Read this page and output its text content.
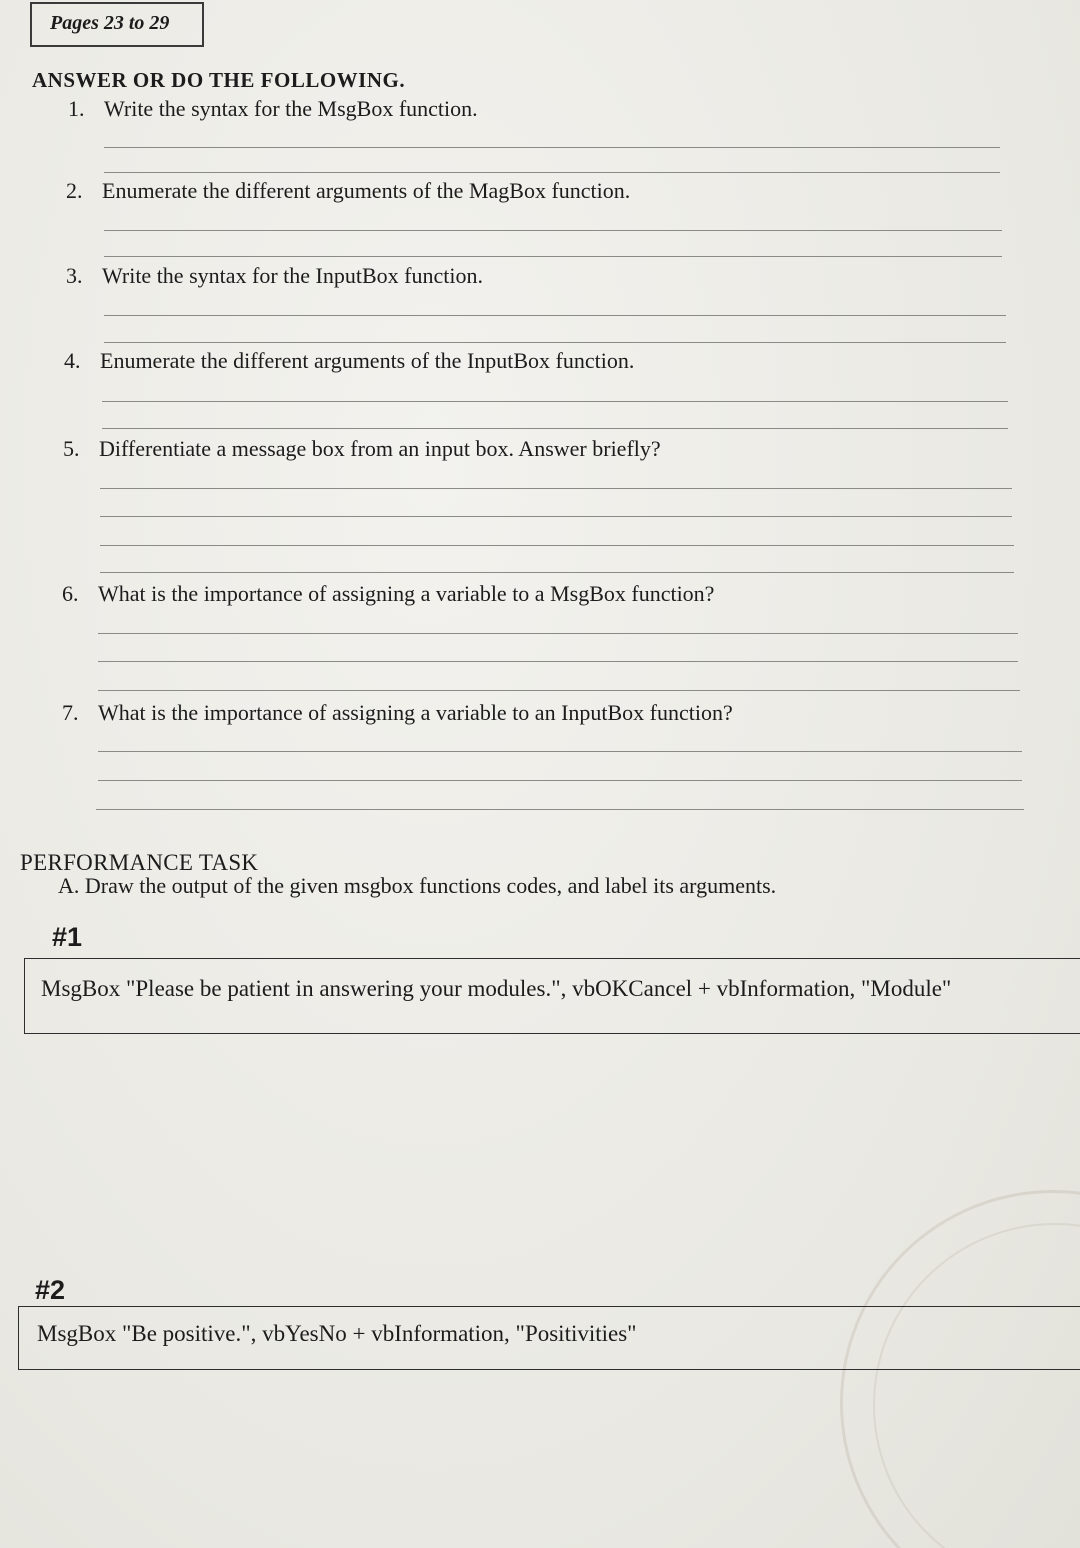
Pages 23 to 29
ANSWER OR DO THE FOLLOWING.
1. Write the syntax for the MsgBox function.
2. Enumerate the different arguments of the MagBox function.
3. Write the syntax for the InputBox function.
4. Enumerate the different arguments of the InputBox function.
5. Differentiate a message box from an input box. Answer briefly?
6. What is the importance of assigning a variable to a MsgBox function?
7. What is the importance of assigning a variable to an InputBox function?
PERFORMANCE TASK
A. Draw the output of the given msgbox functions codes, and label its arguments.
#1
MsgBox "Please be patient in answering your modules.", vbOKCancel + vbInformation, "Module"
#2
MsgBox "Be positive.", vbYesNo + vbInformation, "Positivities"
